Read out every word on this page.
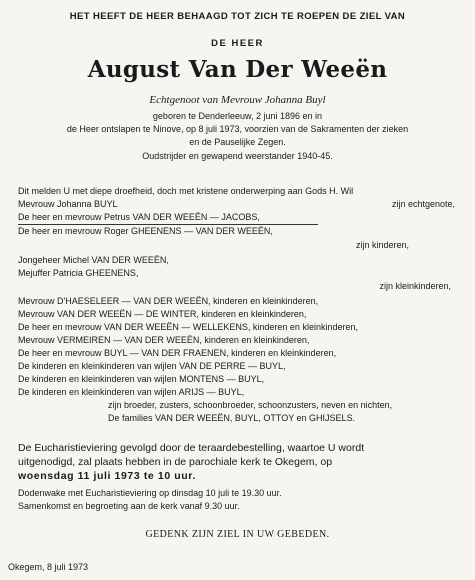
HET HEEFT DE HEER BEHAAGD TOT ZICH TE ROEPEN DE ZIEL VAN
DE HEER
August Van Der Weeën
Echtgenoot van Mevrouw Johanna Buyl
geboren te Denderleeuw, 2 juni 1896 en in
de Heer ontslapen te Ninove, op 8 juli 1973, voorzien van de Sakramenten der zieken
en de Pauselijke Zegen.
Oudstrijder en gewapend weerstander 1940-45.
Dit melden U met diepe droefheid, doch met kristene onderwerping aan Gods H. Wil
Mevrouw Johanna BUYL	zijn echtgenote,
De heer en mevrouw Petrus VAN DER WEEËN — JACOBS,
De heer en mevrouw Roger GHEENENS — VAN DER WEEËN,
zijn kinderen,
Jongeheer Michel VAN DER WEEËN,
Mejuffer Patricia GHEENENS,
zijn kleinkinderen,
Mevrouw D'HAESELEER — VAN DER WEEËN, kinderen en kleinkinderen,
Mevrouw VAN DER WEEËN — DE WINTER, kinderen en kleinkinderen,
De heer en mevrouw VAN DER WEEËN — WELLEKENS, kinderen en kleinkinderen,
Mevrouw VERMEIREN — VAN DER WEEËN, kinderen en kleinkinderen,
De heer en mevrouw BUYL — VAN DER FRAENEN, kinderen en kleinkinderen,
De kinderen en kleinkinderen van wijlen VAN DE PERRE — BUYL,
De kinderen en kleinkinderen van wijlen MONTENS — BUYL,
De kinderen en kleinkinderen van wijlen ARIJS — BUYL,
zijn broeder, zusters, schoonbroeder, schoonzusters, neven en nichten,
De families VAN DER WEEËN, BUYL, OTTOY en GHIJSELS.
De Eucharistieviering gevolgd door de teraardebestelling, waartoe U wordt
uitgenodigd, zal plaats hebben in de parochiale kerk te Okegem, op
woensdag 11 juli 1973 te 10 uur.
Dodenwake met Eucharistieviering op dinsdag 10 juli te 19.30 uur.
Samenkomst en begroeting aan de kerk vanaf 9.30 uur.
GEDENK ZIJN ZIEL IN UW GEBEDEN.
Okegem, 8 juli 1973
